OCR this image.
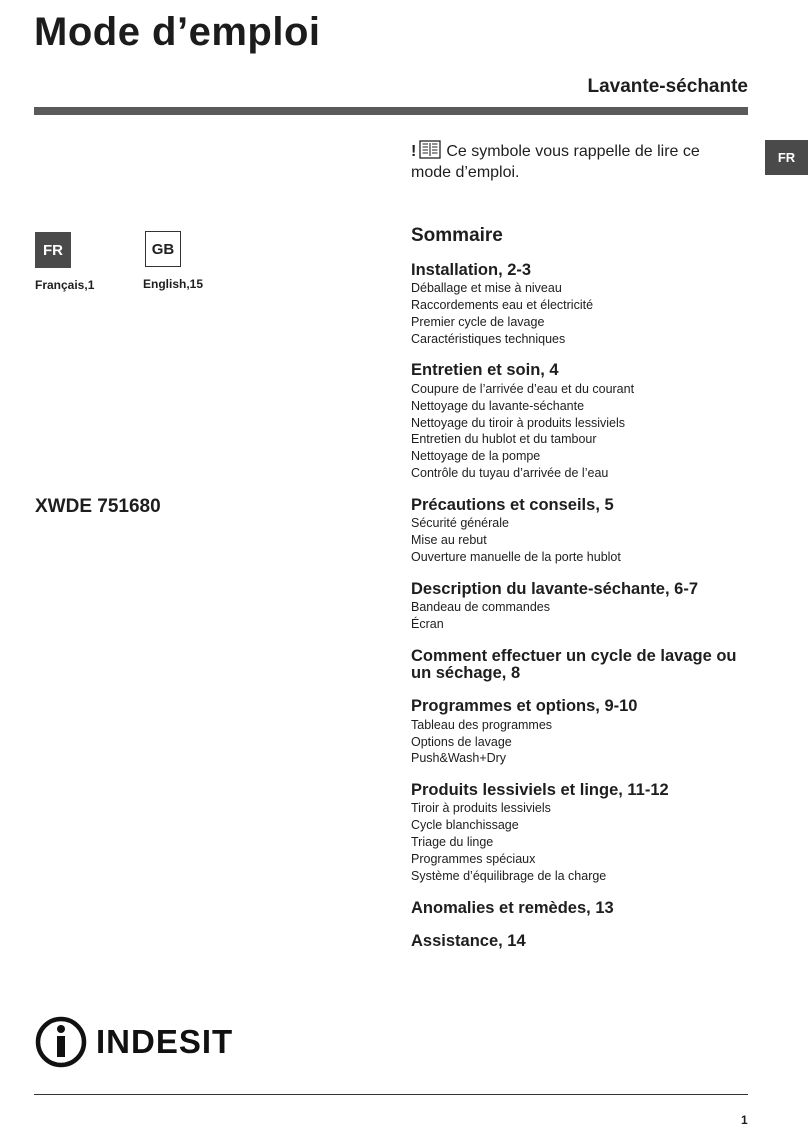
Mode d’emploi
Lavante-séchante
FR
! Ce symbole vous rappelle de lire ce mode d’emploi.
FR	GB
Français,1	English,15
XWDE 751680
Sommaire
Installation, 2-3
Déballage et mise à niveau
Raccordements eau et électricité
Premier cycle de lavage
Caractéristiques techniques
Entretien et soin, 4
Coupure de l’arrivée d’eau et du courant
Nettoyage du lavante-séchante
Nettoyage du tiroir à produits lessiviels
Entretien du hublot et du tambour
Nettoyage de la pompe
Contrôle du tuyau d’arrivée de l’eau
Précautions et conseils, 5
Sécurité générale
Mise au rebut
Ouverture manuelle de la porte hublot
Description du lavante-séchante, 6-7
Bandeau de commandes
Écran
Comment effectuer un cycle de lavage ou un séchage, 8
Programmes et options, 9-10
Tableau des programmes
Options de lavage
Push&Wash+Dry
Produits lessiviels et linge, 11-12
Tiroir à produits lessiviels
Cycle blanchissage
Triage du linge
Programmes spéciaux
Système d’équilibrage de la charge
Anomalies et remèdes, 13
Assistance, 14
INDESIT
1
